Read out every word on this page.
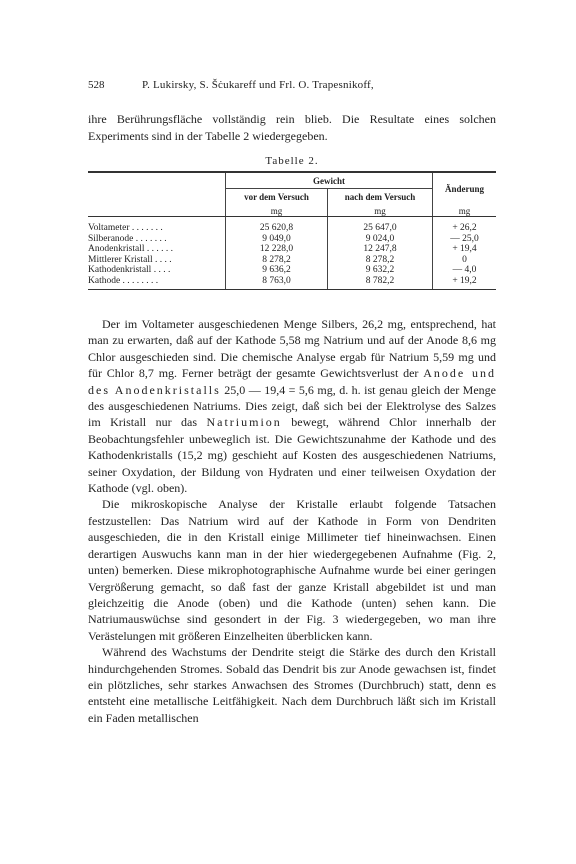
528	P. Lukirsky, S. Šċukareff und Frl. O. Trapesnikoff,

ihre Berührungsfläche vollständig rein blieb. Die Resultate eines solchen Experiments sind in der Tabelle 2 wiedergegeben.

Tabelle 2.
	Gewicht		Änderung
	vor dem Versuch	nach dem Versuch	
	mg	mg	mg
Voltameter . . . . . . .	25 620,8	25 647,0	+ 26,2
Silberanode . . . . . . .	9 049,0	9 024,0	— 25,0
Anodenkristall . . . . . .	12 228,0	12 247,8	+ 19,4
Mittlerer Kristall . . . .	8 278,2	8 278,2	0
Kathodenkristall . . . .	9 636,2	9 632,2	— 4,0
Kathode . . . . . . . .	8 763,0	8 782,2	+ 19,2

Der im Voltameter ausgeschiedenen Menge Silbers, 26,2 mg, entsprechend, hat man zu erwarten, daß auf der Kathode 5,58 mg Natrium und auf der Anode 8,6 mg Chlor ausgeschieden sind. Die chemische Analyse ergab für Natrium 5,59 mg und für Chlor 8,7 mg. Ferner beträgt der gesamte Gewichtsverlust der Anode und des Anodenkristalls 25,0 — 19,4 = 5,6 mg, d. h. ist genau gleich der Menge des ausgeschiedenen Natriums. Dies zeigt, daß sich bei der Elektrolyse des Salzes im Kristall nur das Natriumion bewegt, während Chlor innerhalb der Beobachtungsfehler unbeweglich ist. Die Gewichtszunahme der Kathode und des Kathodenkristalls (15,2 mg) geschieht auf Kosten des ausgeschiedenen Natriums, seiner Oxydation, der Bildung von Hydraten und einer teilweisen Oxydation der Kathode (vgl. oben).

Die mikroskopische Analyse der Kristalle erlaubt folgende Tatsachen festzustellen: Das Natrium wird auf der Kathode in Form von Dendriten ausgeschieden, die in den Kristall einige Millimeter tief hineinwachsen. Einen derartigen Auswuchs kann man in der hier wiedergegebenen Aufnahme (Fig. 2, unten) bemerken. Diese mikrophotographische Aufnahme wurde bei einer geringen Vergrößerung gemacht, so daß fast der ganze Kristall abgebildet ist und man gleichzeitig die Anode (oben) und die Kathode (unten) sehen kann. Die Natriumauswüchse sind gesondert in der Fig. 3 wiedergegeben, wo man ihre Verästelungen mit größeren Einzelheiten überblicken kann.

Während des Wachstums der Dendrite steigt die Stärke des durch den Kristall hindurchgehenden Stromes. Sobald das Dendrit bis zur Anode gewachsen ist, findet ein plötzliches, sehr starkes Anwachsen des Stromes (Durchbruch) statt, denn es entsteht eine metallische Leitfähigkeit. Nach dem Durchbruch läßt sich im Kristall ein Faden metallischen
